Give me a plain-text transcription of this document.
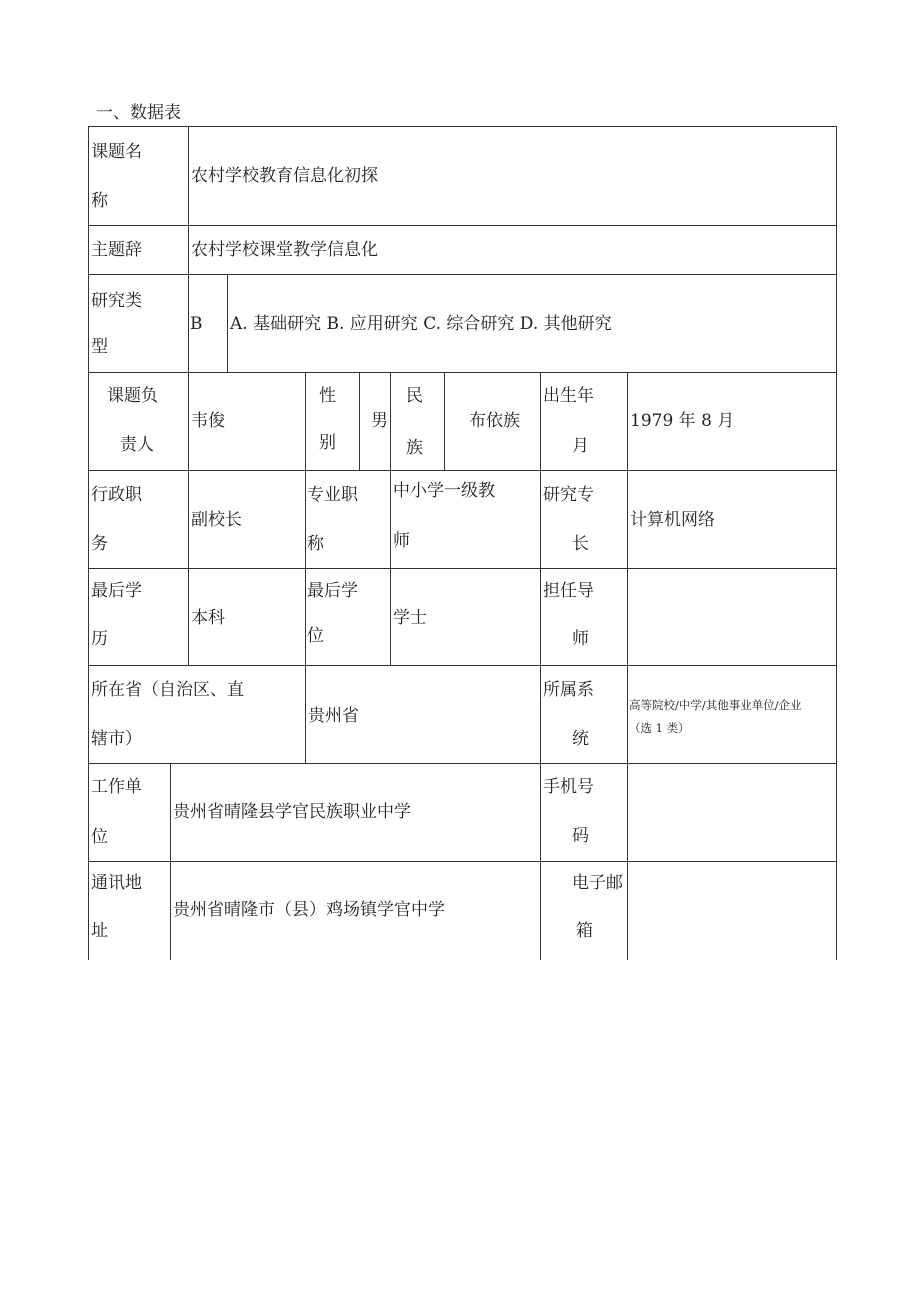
一、数据表
课题名
称
农村学校教育信息化初探
主题辞	农村学校课堂教学信息化
研究类
型
B A. 基础研究 B. 应用研究 C. 综合研究 D. 其他研究
课题负
责人
韦俊
性
别
男
民
族
布依族
出生年
月
1979 年 8 月
行政职
务
副校长
专业职
称
中小学一级教
师
研究专
长
计算机网络
最后学
历
本科
最后学
位
学士
担任导
师
所在省（自治区、直
辖市）
贵州省
所属系
统
高等院校/中学/其他事业单位/企业
（选 1 类）
工作单
位
贵州省晴隆县学官民族职业中学
手机号
码
通讯地
址
贵州省晴隆市（县）鸡场镇学官中学
电子邮
箱
